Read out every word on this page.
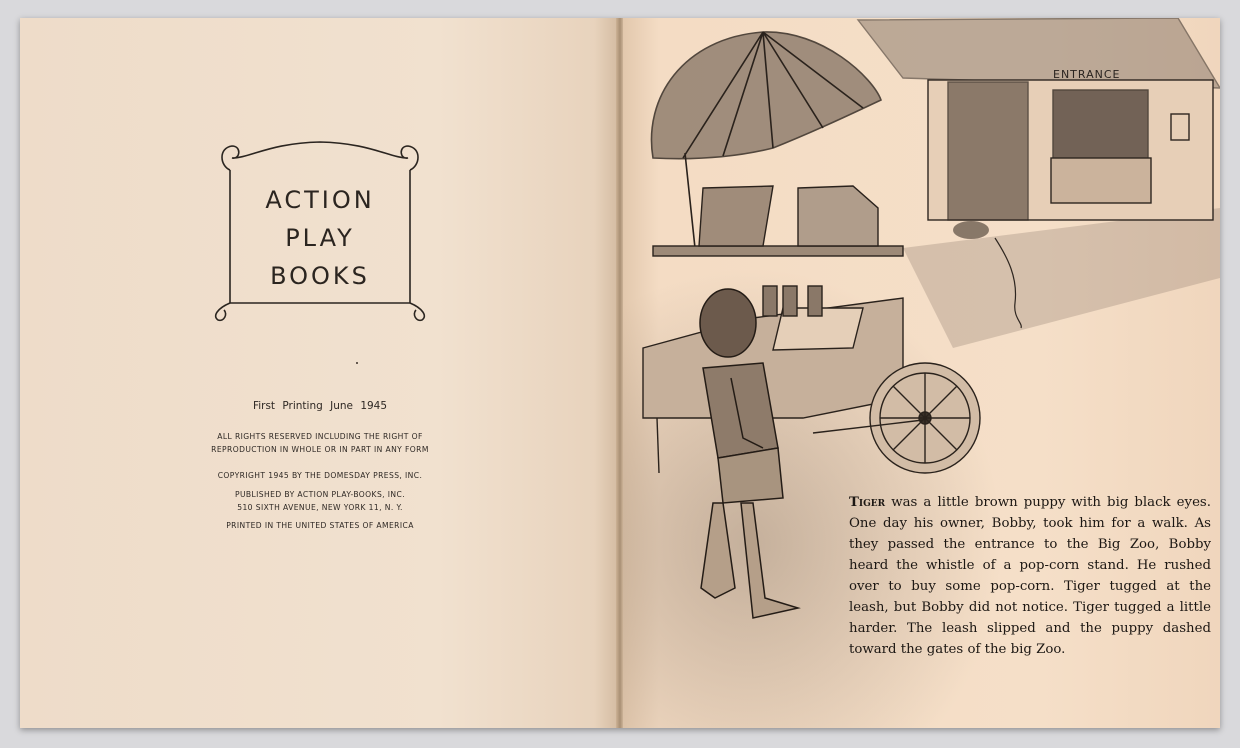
ACTION
PLAY
BOOKS
First Printing June 1945
ALL RIGHTS RESERVED INCLUDING THE RIGHT OF
REPRODUCTION IN WHOLE OR IN PART IN ANY FORM
COPYRIGHT 1945 BY THE DOMESDAY PRESS, INC.
PUBLISHED BY ACTION PLAY-BOOKS, INC.
510 SIXTH AVENUE, NEW YORK 11, N. Y.
PRINTED IN THE UNITED STATES OF AMERICA
ENTRANCE
Tiger was a little brown puppy with big black eyes. One day his owner, Bobby, took him for a walk. As they passed the entrance to the Big Zoo, Bobby heard the whistle of a pop-corn stand. He rushed over to buy some pop-corn. Tiger tugged at the leash, but Bobby did not notice. Tiger tugged a little harder. The leash slipped and the puppy dashed toward the gates of the big Zoo.
